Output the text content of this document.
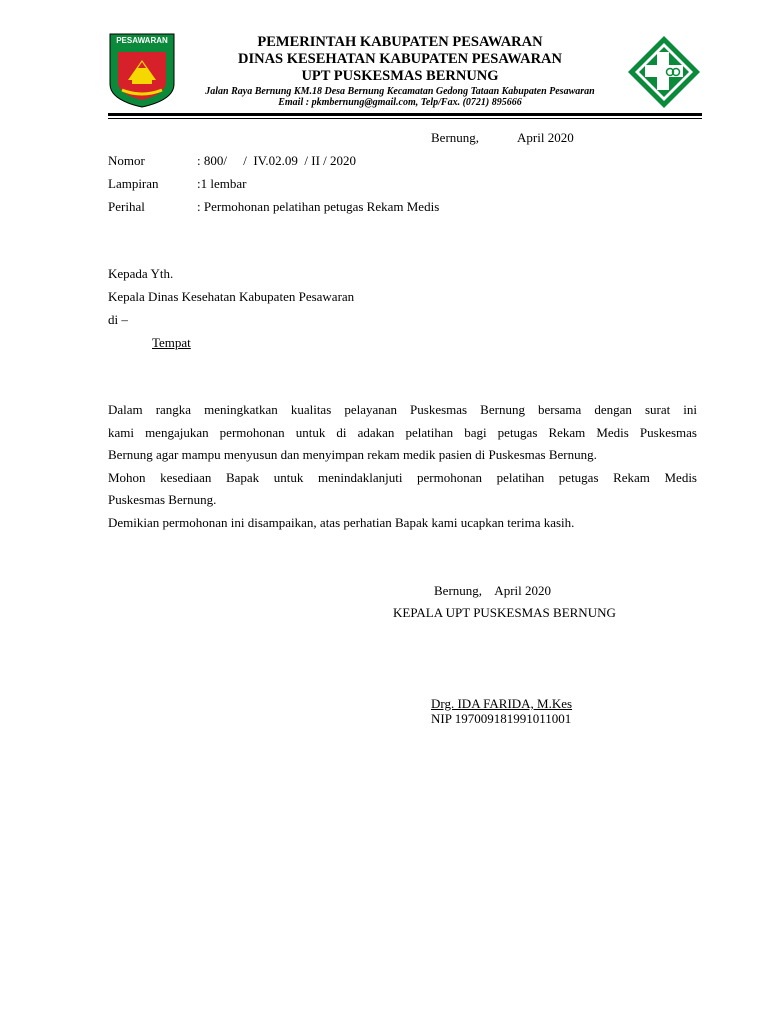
PESAWARAN	PEMERINTAH KABUPATEN PESAWARAN
DINAS KESEHATAN KABUPATEN PESAWARAN
UPT PUSKESMAS BERNUNG
Jalan Raya Bernung KM.18 Desa Bernung Kecamatan Gedong Tataan Kabupaten Pesawaran
Email : pkmbernung@gmail.com, Telp/Fax. (0721) 895666
Bernung,	April 2020
Nomor	: 800/     /  IV.02.09  / II / 2020
Lampiran	:1 lembar
Perihal	: Permohonan pelatihan petugas Rekam Medis
Kepada Yth.
Kepala Dinas Kesehatan Kabupaten Pesawaran
di –
Tempat

Dalam rangka meningkatkan kualitas pelayanan Puskesmas Bernung bersama dengan surat ini

kami mengajukan permohonan untuk di adakan pelatihan bagi petugas Rekam Medis Puskesmas

Bernung agar mampu menyusun dan menyimpan rekam medik pasien di Puskesmas Bernung.

Mohon kesediaan Bapak untuk menindaklanjuti permohonan pelatihan petugas Rekam Medis

Puskesmas Bernung.

Demikian permohonan ini disampaikan, atas perhatian Bapak kami ucapkan terima kasih.

Bernung,    April 2020
KEPALA UPT PUSKESMAS BERNUNG
Drg. IDA FARIDA, M.Kes
NIP 197009181991011001
